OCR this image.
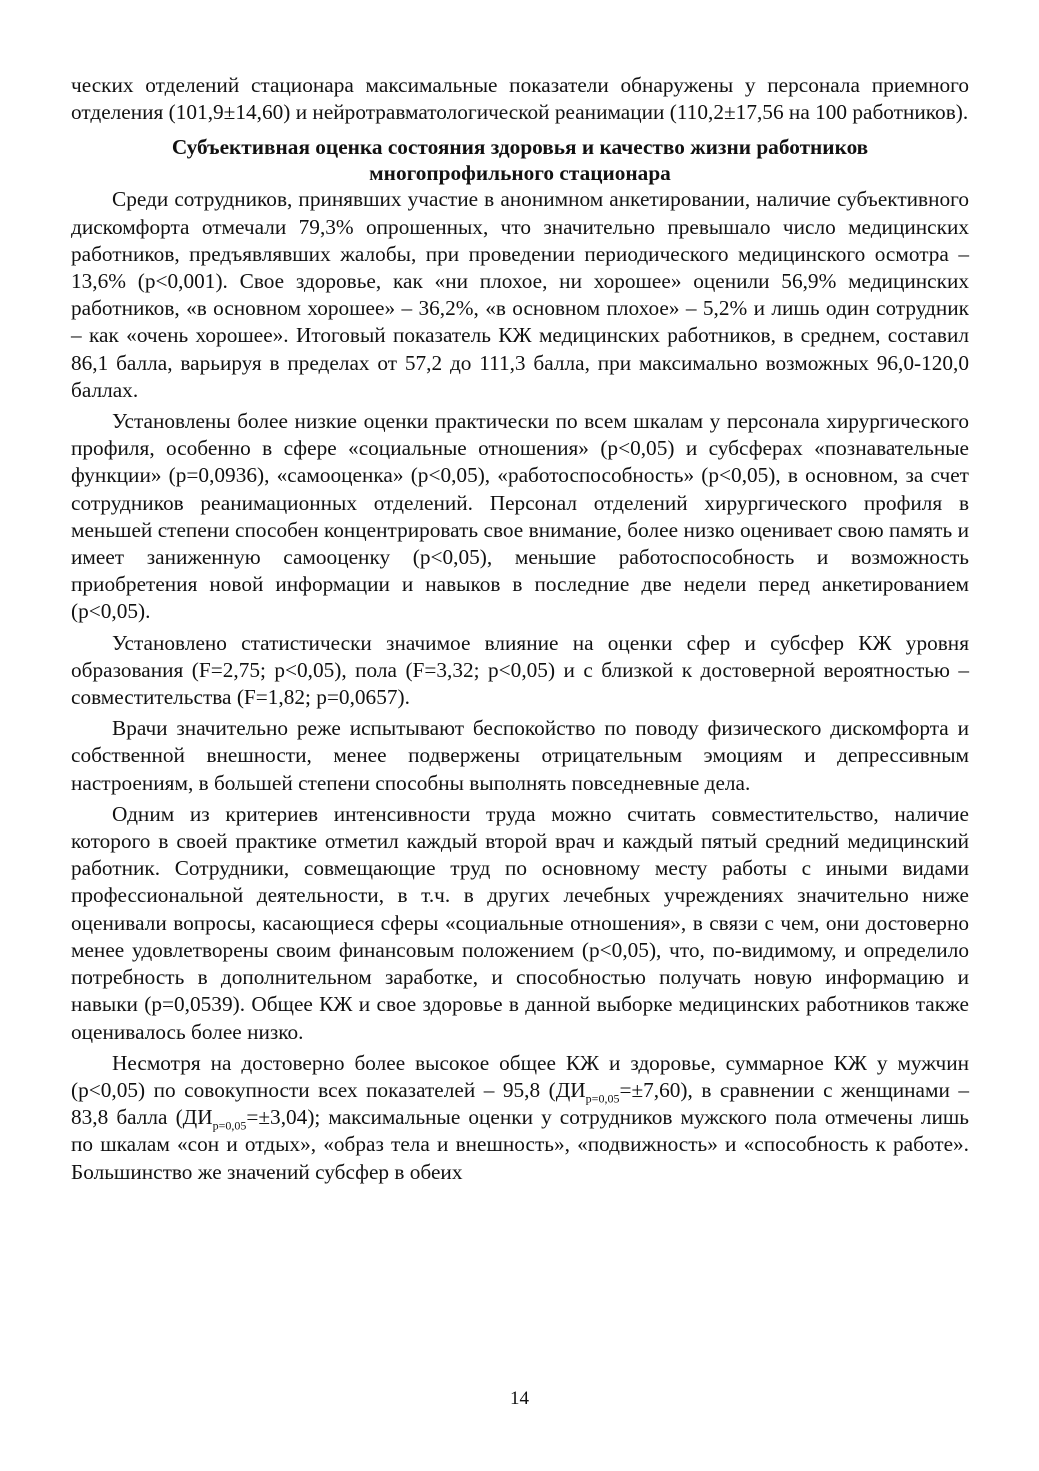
ческих отделений стационара максимальные показатели обнаружены у персонала приемного отделения (101,9±14,60) и нейротравматологической реанимации (110,2±17,56 на 100 работников).

Субъективная оценка состояния здоровья и качество жизни работников
многопрофильного стационара

Среди сотрудников, принявших участие в анонимном анкетировании, наличие субъективного дискомфорта отмечали 79,3% опрошенных, что значительно превышало число медицинских работников, предъявлявших жалобы, при проведении периодического медицинского осмотра – 13,6% (р<0,001). Свое здоровье, как «ни плохое, ни хорошее» оценили 56,9% медицинских работников, «в основном хорошее» – 36,2%, «в основном плохое» – 5,2% и лишь один сотрудник – как «очень хорошее». Итоговый показатель КЖ медицинских работников, в среднем, составил 86,1 балла, варьируя в пределах от 57,2 до 111,3 балла, при максимально возможных 96,0-120,0 баллах.

Установлены более низкие оценки практически по всем шкалам у персонала хирургического профиля, особенно в сфере «социальные отношения» (р<0,05) и субсферах «познавательные функции» (р=0,0936), «самооценка» (р<0,05), «работоспособность» (р<0,05), в основном, за счет сотрудников реанимационных отделений. Персонал отделений хирургического профиля в меньшей степени способен концентрировать свое внимание, более низко оценивает свою память и имеет заниженную самооценку (р<0,05), меньшие работоспособность и возможность приобретения новой информации и навыков в последние две недели перед анкетированием (р<0,05).

Установлено статистически значимое влияние на оценки сфер и субсфер КЖ уровня образования (F=2,75; р<0,05), пола (F=3,32; р<0,05) и с близкой к достоверной вероятностью – совместительства (F=1,82; р=0,0657).

Врачи значительно реже испытывают беспокойство по поводу физического дискомфорта и собственной внешности, менее подвержены отрицательным эмоциям и депрессивным настроениям, в большей степени способны выполнять повседневные дела.

Одним из критериев интенсивности труда можно считать совместительство, наличие которого в своей практике отметил каждый второй врач и каждый пятый средний медицинский работник. Сотрудники, совмещающие труд по основному месту работы с иными видами профессиональной деятельности, в т.ч. в других лечебных учреждениях значительно ниже оценивали вопросы, касающиеся сферы «социальные отношения», в связи с чем, они достоверно менее удовлетворены своим финансовым положением (р<0,05), что, по-видимому, и определило потребность в дополнительном заработке, и способностью получать новую информацию и навыки (р=0,0539). Общее КЖ и свое здоровье в данной выборке медицинских работников также оценивалось более низко.

Несмотря на достоверно более высокое общее КЖ и здоровье, суммарное КЖ у мужчин (р<0,05) по совокупности всех показателей – 95,8 $(ДИ_{р=0,05}=\pm 7,60)$, в сравнении с женщинами – 83,8 балла $(ДИ_{р=0,05}=\pm 3,04)$; максимальные оценки у сотрудников мужского пола отмечены лишь по шкалам «сон и отдых», «образ тела и внешность», «подвижность» и «способность к работе». Большинство же значений субсфер в обеих

14
